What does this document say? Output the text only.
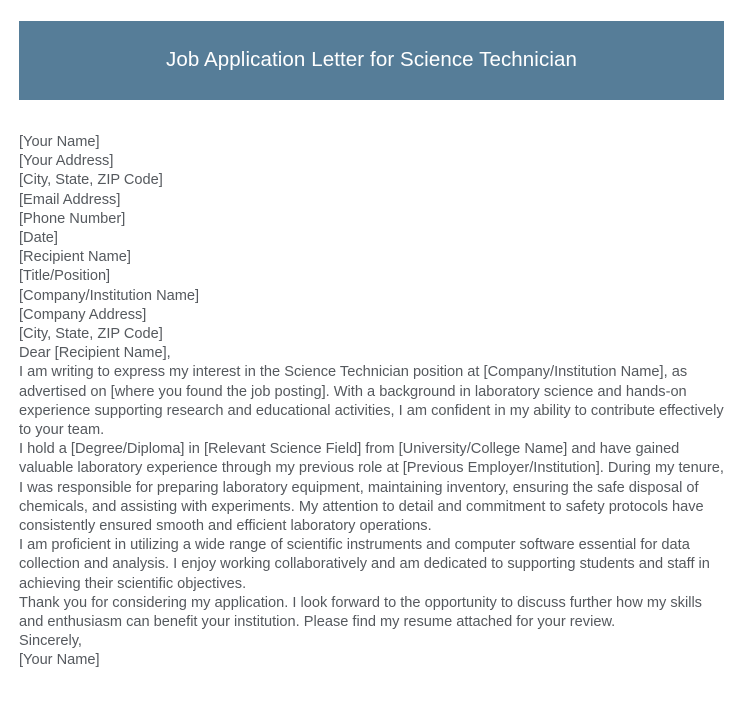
Job Application Letter for Science Technician
[Your Name]
[Your Address]
[City, State, ZIP Code]
[Email Address]
[Phone Number]
[Date]
[Recipient Name]
[Title/Position]
[Company/Institution Name]
[Company Address]
[City, State, ZIP Code]
Dear [Recipient Name],
I am writing to express my interest in the Science Technician position at [Company/Institution Name], as advertised on [where you found the job posting]. With a background in laboratory science and hands-on experience supporting research and educational activities, I am confident in my ability to contribute effectively to your team.
I hold a [Degree/Diploma] in [Relevant Science Field] from [University/College Name] and have gained valuable laboratory experience through my previous role at [Previous Employer/Institution]. During my tenure, I was responsible for preparing laboratory equipment, maintaining inventory, ensuring the safe disposal of chemicals, and assisting with experiments. My attention to detail and commitment to safety protocols have consistently ensured smooth and efficient laboratory operations.
I am proficient in utilizing a wide range of scientific instruments and computer software essential for data collection and analysis. I enjoy working collaboratively and am dedicated to supporting students and staff in achieving their scientific objectives.
Thank you for considering my application. I look forward to the opportunity to discuss further how my skills and enthusiasm can benefit your institution. Please find my resume attached for your review.
Sincerely,
[Your Name]
